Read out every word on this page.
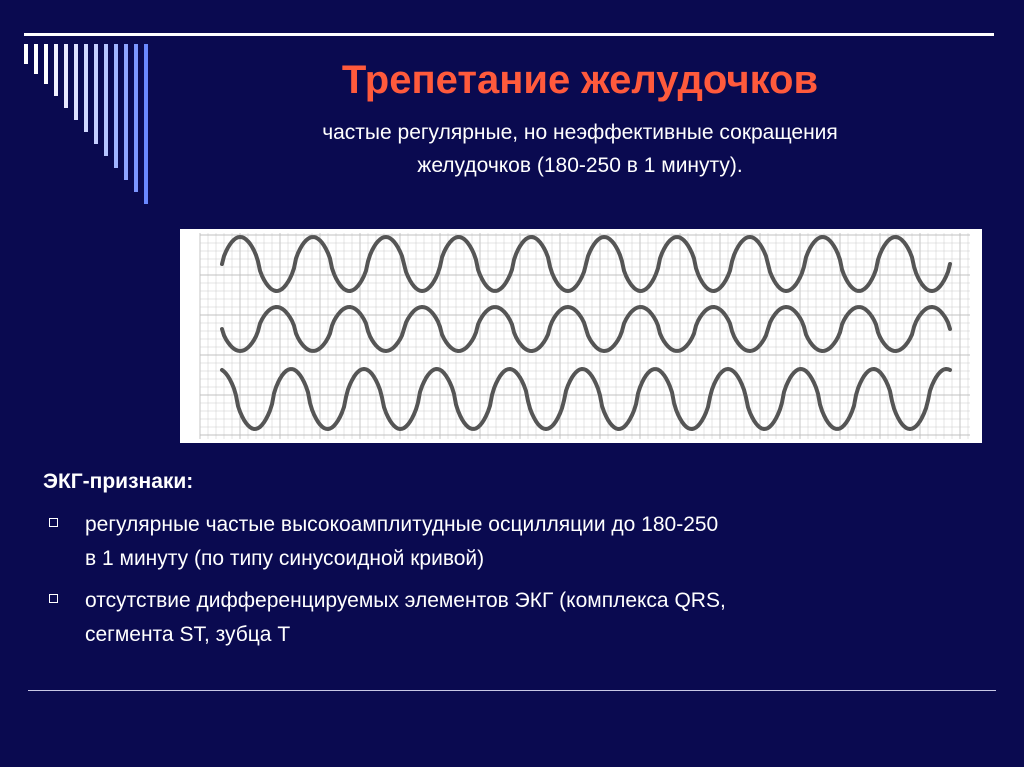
Трепетание желудочков
частые регулярные, но неэффективные сокращения
желудочков (180-250 в 1 минуту).
ЭКГ-признаки:
регулярные частые высокоамплитудные осцилляции до 180-250
в 1 минуту (по типу синусоидной кривой)
отсутствие дифференцируемых элементов ЭКГ (комплекса QRS,
сегмента ST, зубца T
